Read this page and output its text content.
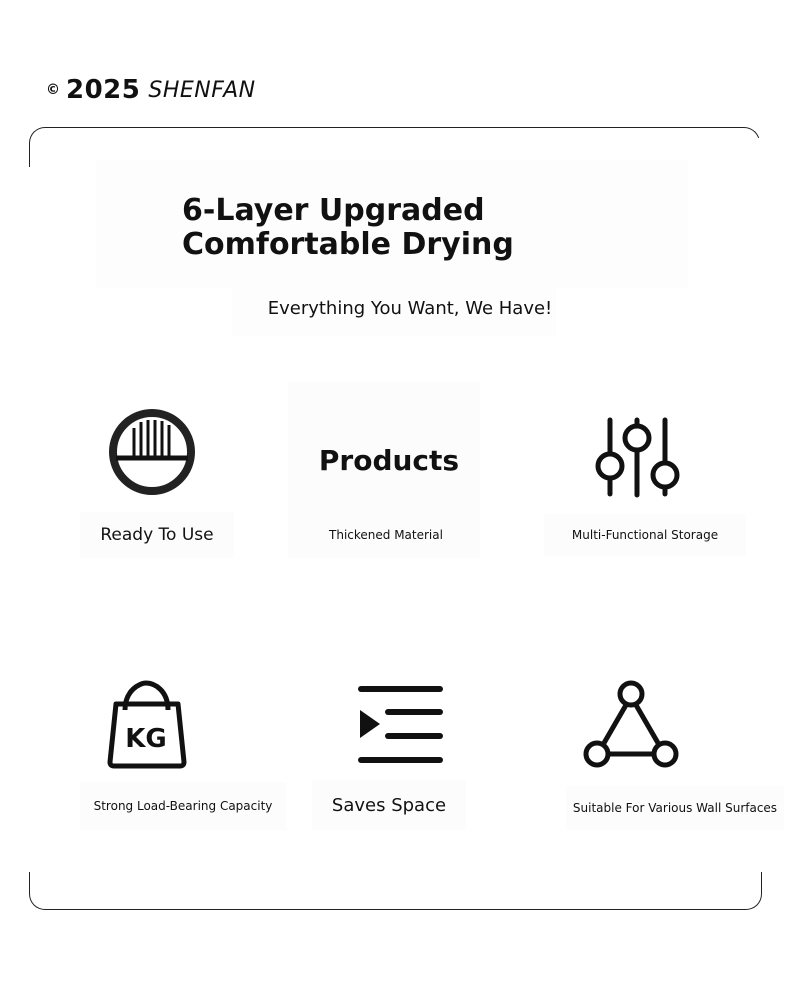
© 2025 SHENFAN
6-Layer Upgraded Comfortable Drying
Everything You Want, We Have!
Ready To Use
Products
Thickened Material	Multi-Functional Storage
KG
Strong Load-Bearing Capacity	Saves Space	Suitable For Various Wall Surfaces
